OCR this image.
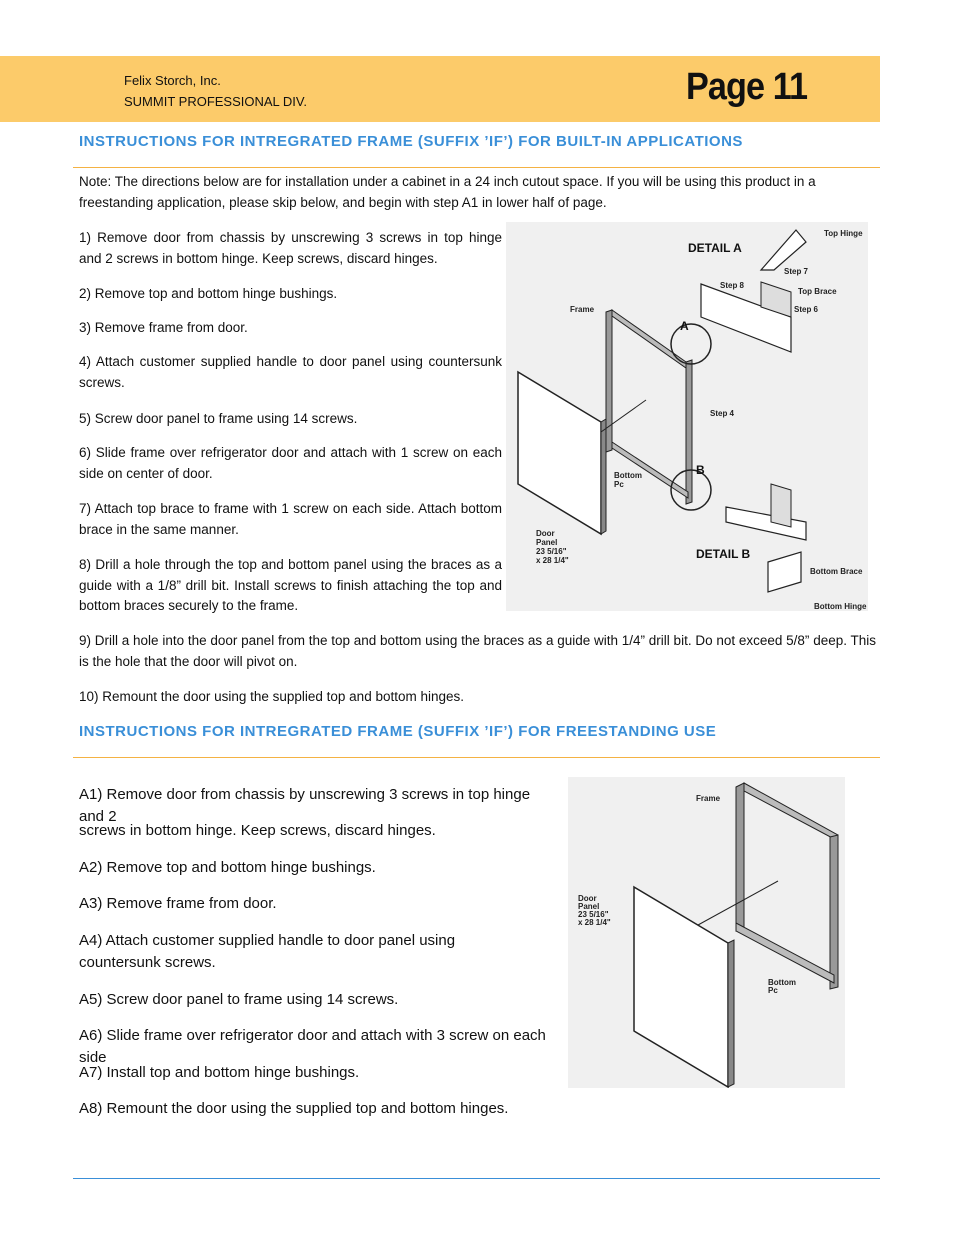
Felix Storch, Inc.
SUMMIT PROFESSIONAL DIV.	Page 11
INSTRUCTIONS FOR INTREGRATED FRAME (SUFFIX ’IF’) FOR BUILT-IN APPLICATIONS

Note: The directions below are for installation under a cabinet in a 24 inch cutout space. If you will be using this product in a freestanding application, please skip below, and begin with step A1 in lower half of page.

1) Remove door from chassis by unscrewing 3 screws in top hinge and 2 screws in bottom hinge. Keep screws, discard hinges.

2) Remove top and bottom hinge bushings.

3) Remove frame from door.

4) Attach customer supplied handle to door panel using countersunk screws.

5) Screw door panel to frame using 14 screws.

6) Slide frame over refrigerator door and attach with 1 screw on each side on center of door.

7) Attach top brace to frame with 1 screw on each side. Attach bottom brace in the same manner.

8) Drill a hole through the top and bottom panel using the braces as a guide with a 1/8” drill bit. Install screws to finish attaching the top and bottom braces securely to the frame.

9) Drill a hole into the door panel from the top and bottom using the braces as a guide with 1/4” drill bit. Do not exceed 5/8” deep. This is the hole that the door will pivot on.

10) Remount the door using the supplied top and bottom hinges.

A
B
DETAIL A
Top Hinge
Step 7
Step 8
Top Brace
Step 6
Frame
Step 4
Bottom
Pc
Door
Panel
23 5/16"
x 28 1/4"	DETAIL B
Bottom Brace
Bottom Hinge
INSTRUCTIONS FOR INTREGRATED FRAME (SUFFIX ’IF’) FOR FREESTANDING USE

A1) Remove door from chassis by unscrewing 3 screws in top hinge and 2

screws in bottom hinge. Keep screws, discard hinges.

A2) Remove top and bottom hinge bushings.

A3) Remove frame from door.

A4) Attach customer supplied handle to door panel using countersunk screws.

A5) Screw door panel to frame using 14 screws.

A6) Slide frame over refrigerator door and attach with 3 screw on each side

A7) Install top and bottom hinge bushings.

A8) Remount the door using the supplied top and bottom hinges.

Frame
Door
Panel
23 5/16"
x 28 1/4"
Bottom
Pc
